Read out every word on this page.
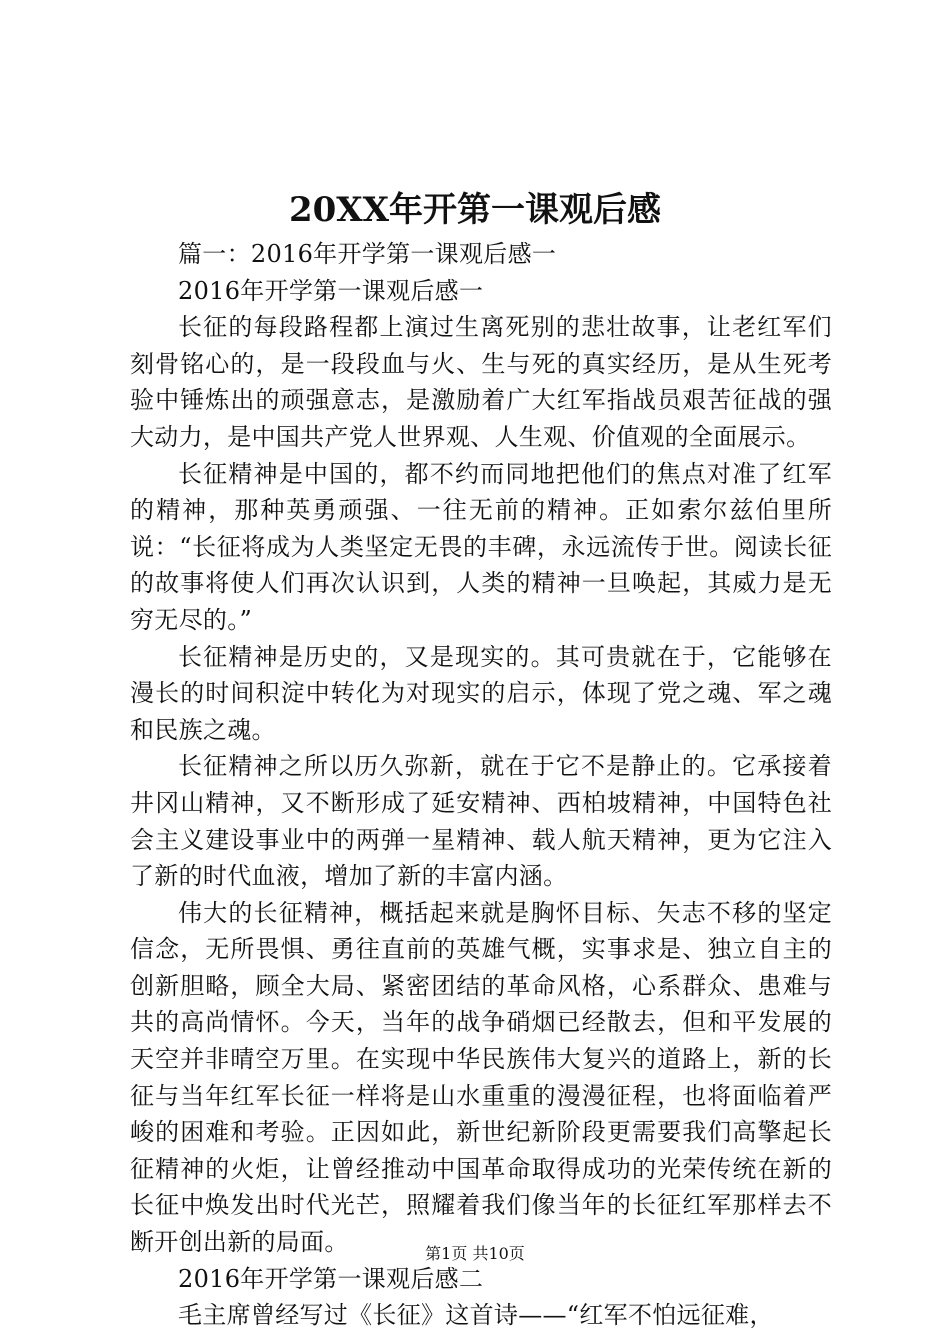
20XX年开第一课观后感

篇一：2016年开学第一课观后感一

2016年开学第一课观后感一

长征的每段路程都上演过生离死别的悲壮故事，让老红军们刻骨铭心的，是一段段血与火、生与死的真实经历，是从生死考验中锤炼出的顽强意志，是激励着广大红军指战员艰苦征战的强大动力，是中国共产党人世界观、人生观、价值观的全面展示。

长征精神是中国的，都不约而同地把他们的焦点对准了红军的精神，那种英勇顽强、一往无前的精神。正如索尔兹伯里所说：“长征将成为人类坚定无畏的丰碑，永远流传于世。阅读长征的故事将使人们再次认识到，人类的精神一旦唤起，其威力是无穷无尽的。”

长征精神是历史的，又是现实的。其可贵就在于，它能够在漫长的时间积淀中转化为对现实的启示，体现了党之魂、军之魂和民族之魂。

长征精神之所以历久弥新，就在于它不是静止的。它承接着井冈山精神，又不断形成了延安精神、西柏坡精神，中国特色社会主义建设事业中的两弹一星精神、载人航天精神，更为它注入了新的时代血液，增加了新的丰富内涵。

伟大的长征精神，概括起来就是胸怀目标、矢志不移的坚定信念，无所畏惧、勇往直前的英雄气概，实事求是、独立自主的创新胆略，顾全大局、紧密团结的革命风格，心系群众、患难与共的高尚情怀。今天，当年的战争硝烟已经散去，但和平发展的天空并非晴空万里。在实现中华民族伟大复兴的道路上，新的长征与当年红军长征一样将是山水重重的漫漫征程，也将面临着严峻的困难和考验。正因如此，新世纪新阶段更需要我们高擎起长征精神的火炬，让曾经推动中国革命取得成功的光荣传统在新的长征中焕发出时代光芒，照耀着我们像当年的长征红军那样去不断开创出新的局面。

2016年开学第一课观后感二

毛主席曾经写过《长征》这首诗——“红军不怕远征难，

第1页 共10页
